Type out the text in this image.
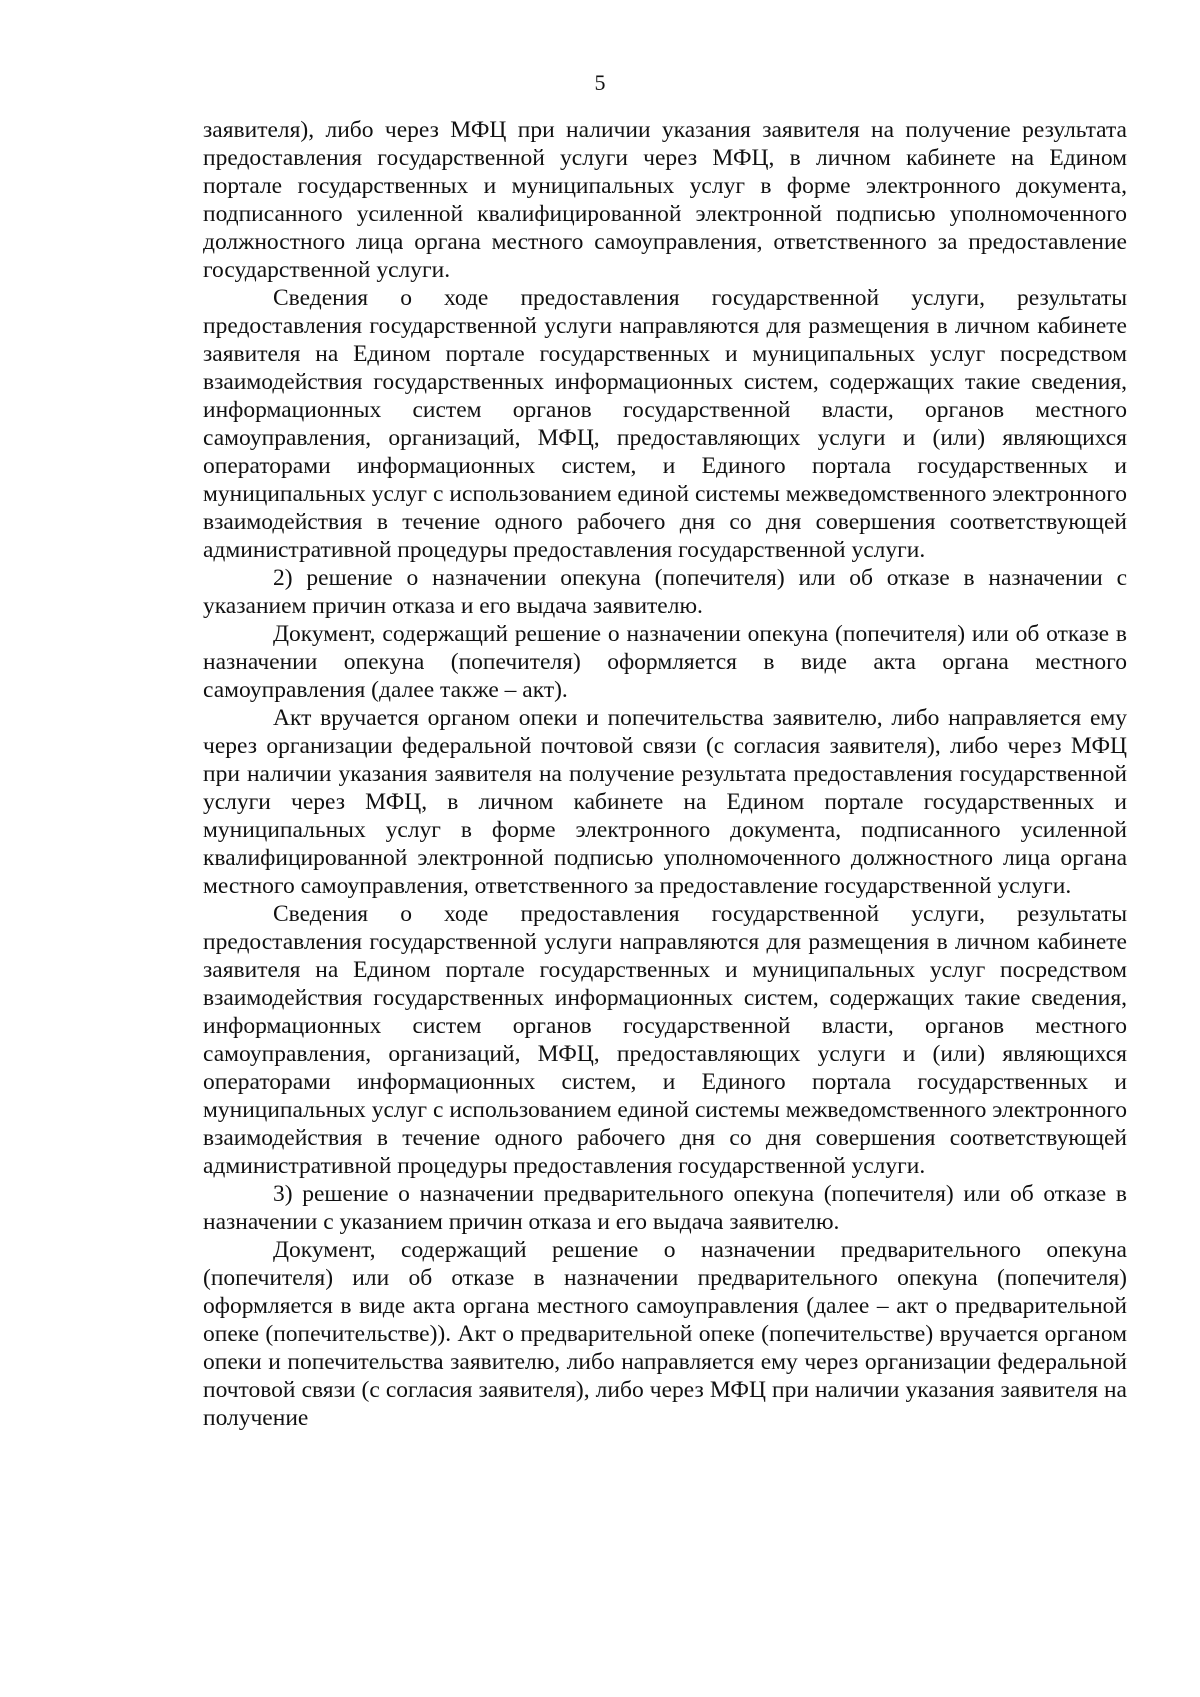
5

заявителя), либо через МФЦ при наличии указания заявителя на получение результата предоставления государственной услуги через МФЦ, в личном кабинете на Едином портале государственных и муниципальных услуг в форме электронного документа, подписанного усиленной квалифицированной электронной подписью уполномоченного должностного лица органа местного самоуправления, ответственного за предоставление государственной услуги.

Сведения о ходе предоставления государственной услуги, результаты предоставления государственной услуги направляются для размещения в личном кабинете заявителя на Едином портале государственных и муниципальных услуг посредством взаимодействия государственных информационных систем, содержащих такие сведения, информационных систем органов государственной власти, органов местного самоуправления, организаций, МФЦ, предоставляющих услуги и (или) являющихся операторами информационных систем, и Единого портала государственных и муниципальных услуг с использованием единой системы межведомственного электронного взаимодействия в течение одного рабочего дня со дня совершения соответствующей административной процедуры предоставления государственной услуги.

2) решение о назначении опекуна (попечителя) или об отказе в назначении с указанием причин отказа и его выдача заявителю.

Документ, содержащий решение о назначении опекуна (попечителя) или об отказе в назначении опекуна (попечителя) оформляется в виде акта органа местного самоуправления (далее также – акт).

Акт вручается органом опеки и попечительства заявителю, либо направляется ему через организации федеральной почтовой связи (с согласия заявителя), либо через МФЦ при наличии указания заявителя на получение результата предоставления государственной услуги через МФЦ, в личном кабинете на Едином портале государственных и муниципальных услуг в форме электронного документа, подписанного усиленной квалифицированной электронной подписью уполномоченного должностного лица органа местного самоуправления, ответственного за предоставление государственной услуги.

Сведения о ходе предоставления государственной услуги, результаты предоставления государственной услуги направляются для размещения в личном кабинете заявителя на Едином портале государственных и муниципальных услуг посредством взаимодействия государственных информационных систем, содержащих такие сведения, информационных систем органов государственной власти, органов местного самоуправления, организаций, МФЦ, предоставляющих услуги и (или) являющихся операторами информационных систем, и Единого портала государственных и муниципальных услуг с использованием единой системы межведомственного электронного взаимодействия в течение одного рабочего дня со дня совершения соответствующей административной процедуры предоставления государственной услуги.

3) решение о назначении предварительного опекуна (попечителя) или об отказе в назначении с указанием причин отказа и его выдача заявителю.

Документ, содержащий решение о назначении предварительного опекуна (попечителя) или об отказе в назначении предварительного опекуна (попечителя) оформляется в виде акта органа местного самоуправления (далее – акт о предварительной опеке (попечительстве)). Акт о предварительной опеке (попечительстве) вручается органом опеки и попечительства заявителю, либо направляется ему через организации федеральной почтовой связи (с согласия заявителя), либо через МФЦ при наличии указания заявителя на получение
